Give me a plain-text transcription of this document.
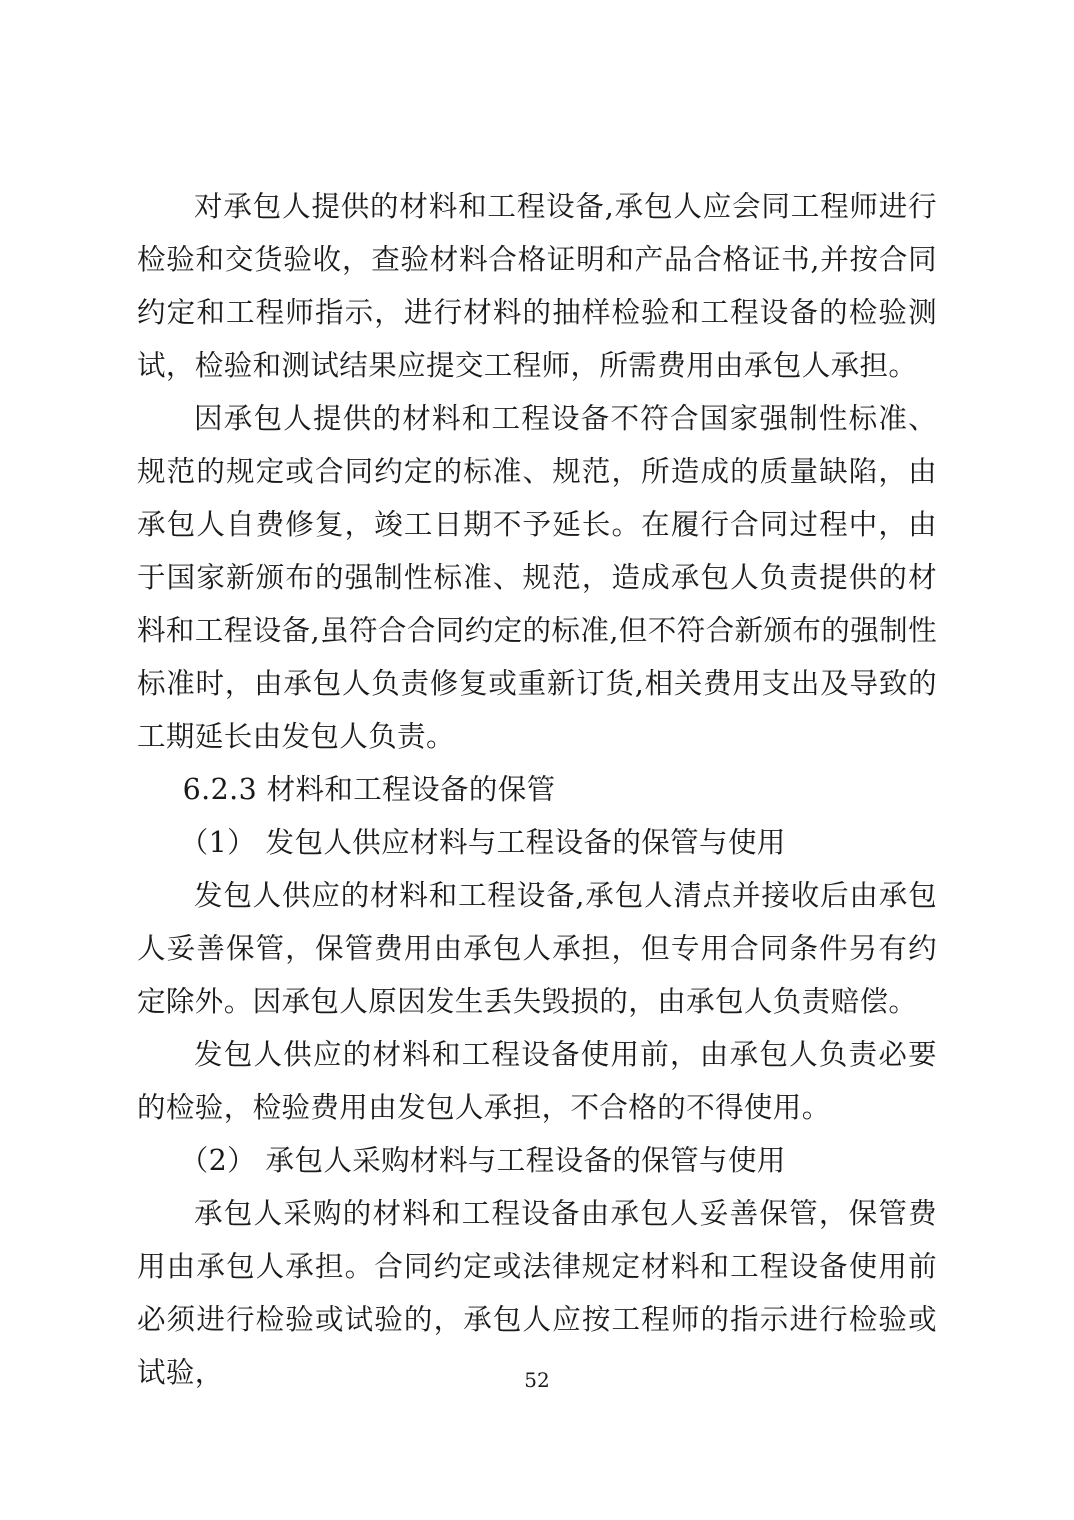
对承包人提供的材料和工程设备,承包人应会同工程师进行检验和交货验收，查验材料合格证明和产品合格证书,并按合同约定和工程师指示，进行材料的抽样检验和工程设备的检验测试，检验和测试结果应提交工程师，所需费用由承包人承担。

因承包人提供的材料和工程设备不符合国家强制性标准、规范的规定或合同约定的标准、规范，所造成的质量缺陷，由承包人自费修复，竣工日期不予延长。在履行合同过程中，由于国家新颁布的强制性标准、规范，造成承包人负责提供的材料和工程设备,虽符合合同约定的标准,但不符合新颁布的强制性标准时，由承包人负责修复或重新订货,相关费用支出及导致的工期延长由发包人负责。

6.2.3 材料和工程设备的保管

（1） 发包人供应材料与工程设备的保管与使用

发包人供应的材料和工程设备,承包人清点并接收后由承包人妥善保管，保管费用由承包人承担，但专用合同条件另有约定除外。因承包人原因发生丢失毁损的，由承包人负责赔偿。

发包人供应的材料和工程设备使用前，由承包人负责必要的检验，检验费用由发包人承担，不合格的不得使用。

（2） 承包人采购材料与工程设备的保管与使用

承包人采购的材料和工程设备由承包人妥善保管，保管费用由承包人承担。合同约定或法律规定材料和工程设备使用前必须进行检验或试验的，承包人应按工程师的指示进行检验或试验，	52
